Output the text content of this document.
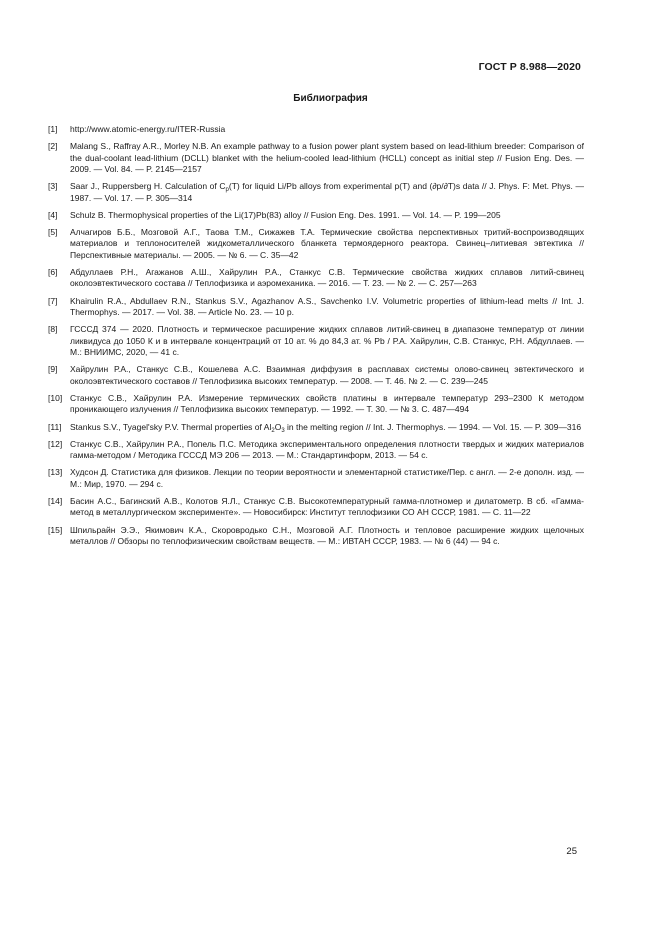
ГОСТ Р 8.988—2020
Библиография
[1]	http://www.atomic-energy.ru/ITER-Russia
[2]	Malang S., Raffray A.R., Morley N.B. An example pathway to a fusion power plant system based on lead-lithium breeder: Comparison of the dual-coolant lead-lithium (DCLL) blanket with the helium-cooled lead-lithium (HCLL) concept as initial step // Fusion Eng. Des. — 2009. — Vol. 84. — P. 2145—2157
[3]	Saar J., Ruppersberg H. Calculation of $C_p(T)$ for liquid Li/Pb alloys from experimental p(T) and (∂p/∂T)s data // J. Phys. F: Met. Phys. — 1987. — Vol. 17. — P. 305—314
[4]	Schulz B. Thermophysical properties of the Li(17)Pb(83) alloy // Fusion Eng. Des. 1991. — Vol. 14. — P. 199—205
[5]	Алчагиров Б.Б., Мозговой А.Г., Таова Т.М., Сижажев Т.А. Термические свойства перспективных тритий-воспроизводящих материалов и теплоносителей жидкометаллического бланкета термоядерного реактора. Свинец–литиевая эвтектика // Перспективные материалы. — 2005. — № 6. — С. 35—42
[6]	Абдуллаев Р.Н., Агажанов А.Ш., Хайрулин Р.А., Станкус С.В. Термические свойства жидких сплавов литий-свинец околоэвтектического состава // Теплофизика и аэромеханика. — 2016. — Т. 23. — № 2. — С. 257—263
[7]	Khairulin R.A., Abdullaev R.N., Stankus S.V., Agazhanov A.S., Savchenko I.V. Volumetric properties of lithium-lead melts // Int. J. Thermophys. — 2017. — Vol. 38. — Article No. 23. — 10 p.
[8]	ГСССД 374 — 2020. Плотность и термическое расширение жидких сплавов литий-свинец в диапазоне температур от линии ликвидуса до 1050 К и в интервале концентраций от 10 ат. % до 84,3 ат. % Pb / Р.А. Хайрулин, С.В. Станкус, Р.Н. Абдуллаев. — М.: ВНИИМС, 2020, — 41 с.
[9]	Хайрулин Р.А., Станкус С.В., Кошелева А.С. Взаимная диффузия в расплавах системы олово-свинец эвтектического и околоэвтектического составов // Теплофизика высоких температур. — 2008. — Т. 46. № 2. — С. 239—245
[10] Станкус С.В., Хайрулин Р.А. Измерение термических свойств платины в интервале температур 293–2300 К методом проникающего излучения // Теплофизика высоких температур. — 1992. — Т. 30. — № 3. С. 487—494
[11] Stankus S.V., Tyagel'sky P.V. Thermal properties of $Al_2O_3$ in the melting region // Int. J. Thermophys. — 1994. — Vol. 15. — P. 309—316
[12] Станкус С.В., Хайрулин Р.А., Попель П.С. Методика экспериментального определения плотности твердых и жидких материалов гамма-методом / Методика ГСССД МЭ 206 — 2013. — М.: Стандартинформ, 2013. — 54 с.
[13] Худсон Д. Статистика для физиков. Лекции по теории вероятности и элементарной статистике/Пер. с англ. — 2-е дополн. изд. — М.: Мир, 1970. — 294 с.
[14] Басин А.С., Багинский А.В., Колотов Я.Л., Станкус С.В. Высокотемпературный гамма-плотномер и дилатометр. В сб. «Гамма-метод в металлургическом эксперименте». — Новосибирск: Институт теплофизики СО АН СССР, 1981. — С. 11—22
[15] Шпильрайн Э.Э., Якимович К.А., Скоровродько С.Н., Мозговой А.Г. Плотность и тепловое расширение жидких щелочных металлов // Обзоры по теплофизическим свойствам веществ. — М.: ИВТАН СССР, 1983. — № 6 (44) — 94 с.
25
